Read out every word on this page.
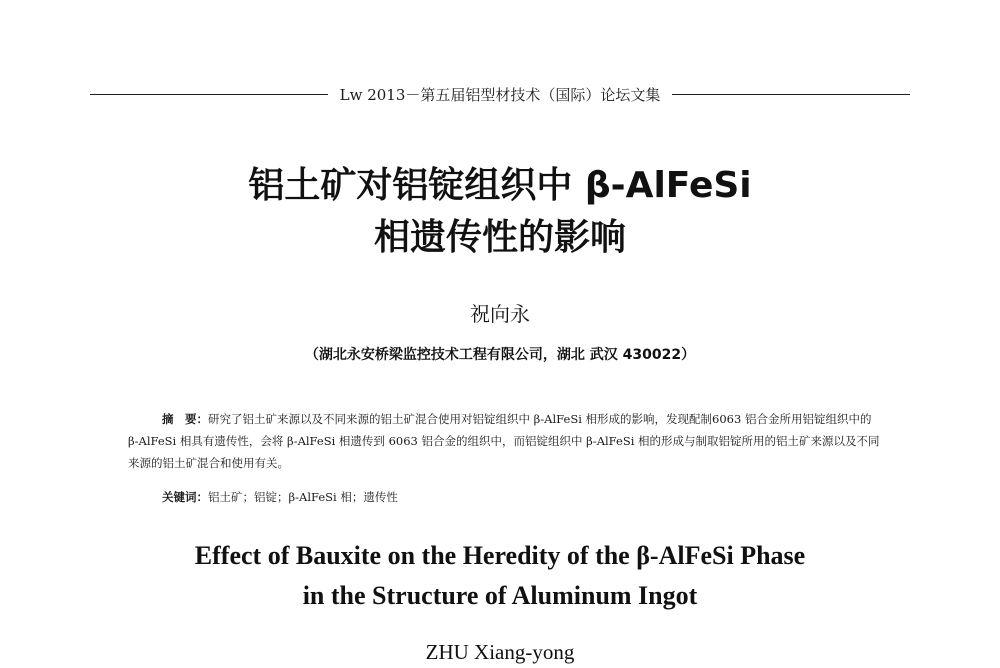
Lw 2013－第五届铝型材技术（国际）论坛文集
铝土矿对铝锭组织中 β-AlFeSi
相遗传性的影响
祝向永
（湖北永安桥梁监控技术工程有限公司，湖北 武汉 430022）
摘　要：研究了铝土矿来源以及不同来源的铝土矿混合使用对铝锭组织中 β-AlFeSi 相形成的影响，发现配制6063 铝合金所用铝锭组织中的 β-AlFeSi 相具有遗传性，会将 β-AlFeSi 相遗传到 6063 铝合金的组织中，而铝锭组织中 β-AlFeSi 相的形成与制取铝锭所用的铝土矿来源以及不同来源的铝土矿混合和使用有关。
关键词：铝土矿；铝锭；β-AlFeSi 相；遗传性
Effect of Bauxite on the Heredity of the β-AlFeSi Phase
in the Structure of Aluminum Ingot
ZHU Xiang-yong
